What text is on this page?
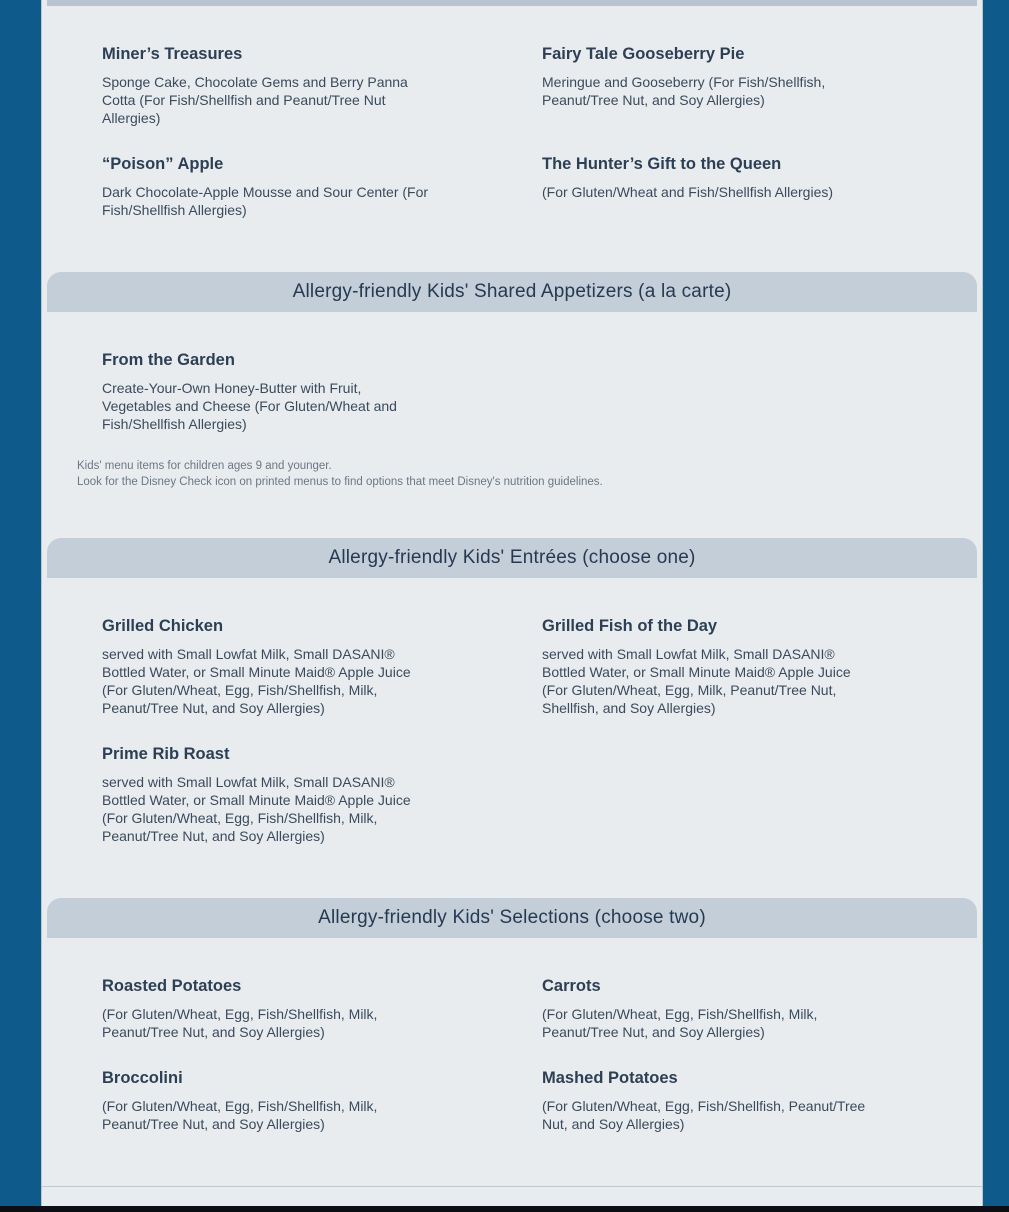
Miner’s Treasures
Sponge Cake, Chocolate Gems and Berry Panna Cotta (For Fish/Shellfish and Peanut/Tree Nut Allergies)
Fairy Tale Gooseberry Pie
Meringue and Gooseberry (For Fish/Shellfish, Peanut/Tree Nut, and Soy Allergies)
“Poison” Apple
Dark Chocolate-Apple Mousse and Sour Center (For Fish/Shellfish Allergies)
The Hunter’s Gift to the Queen
(For Gluten/Wheat and Fish/Shellfish Allergies)
Allergy-friendly Kids' Shared Appetizers (a la carte)
From the Garden
Create-Your-Own Honey-Butter with Fruit, Vegetables and Cheese (For Gluten/Wheat and Fish/Shellfish Allergies)
Kids' menu items for children ages 9 and younger.
Look for the Disney Check icon on printed menus to find options that meet Disney's nutrition guidelines.
Allergy-friendly Kids' Entrées (choose one)
Grilled Chicken
served with Small Lowfat Milk, Small DASANI® Bottled Water, or Small Minute Maid® Apple Juice (For Gluten/Wheat, Egg, Fish/Shellfish, Milk, Peanut/Tree Nut, and Soy Allergies)
Grilled Fish of the Day
served with Small Lowfat Milk, Small DASANI® Bottled Water, or Small Minute Maid® Apple Juice (For Gluten/Wheat, Egg, Milk, Peanut/Tree Nut, Shellfish, and Soy Allergies)
Prime Rib Roast
served with Small Lowfat Milk, Small DASANI® Bottled Water, or Small Minute Maid® Apple Juice (For Gluten/Wheat, Egg, Fish/Shellfish, Milk, Peanut/Tree Nut, and Soy Allergies)
Allergy-friendly Kids' Selections (choose two)
Roasted Potatoes
(For Gluten/Wheat, Egg, Fish/Shellfish, Milk, Peanut/Tree Nut, and Soy Allergies)
Carrots
(For Gluten/Wheat, Egg, Fish/Shellfish, Milk, Peanut/Tree Nut, and Soy Allergies)
Broccolini
(For Gluten/Wheat, Egg, Fish/Shellfish, Milk, Peanut/Tree Nut, and Soy Allergies)
Mashed Potatoes
(For Gluten/Wheat, Egg, Fish/Shellfish, Peanut/Tree Nut, and Soy Allergies)
